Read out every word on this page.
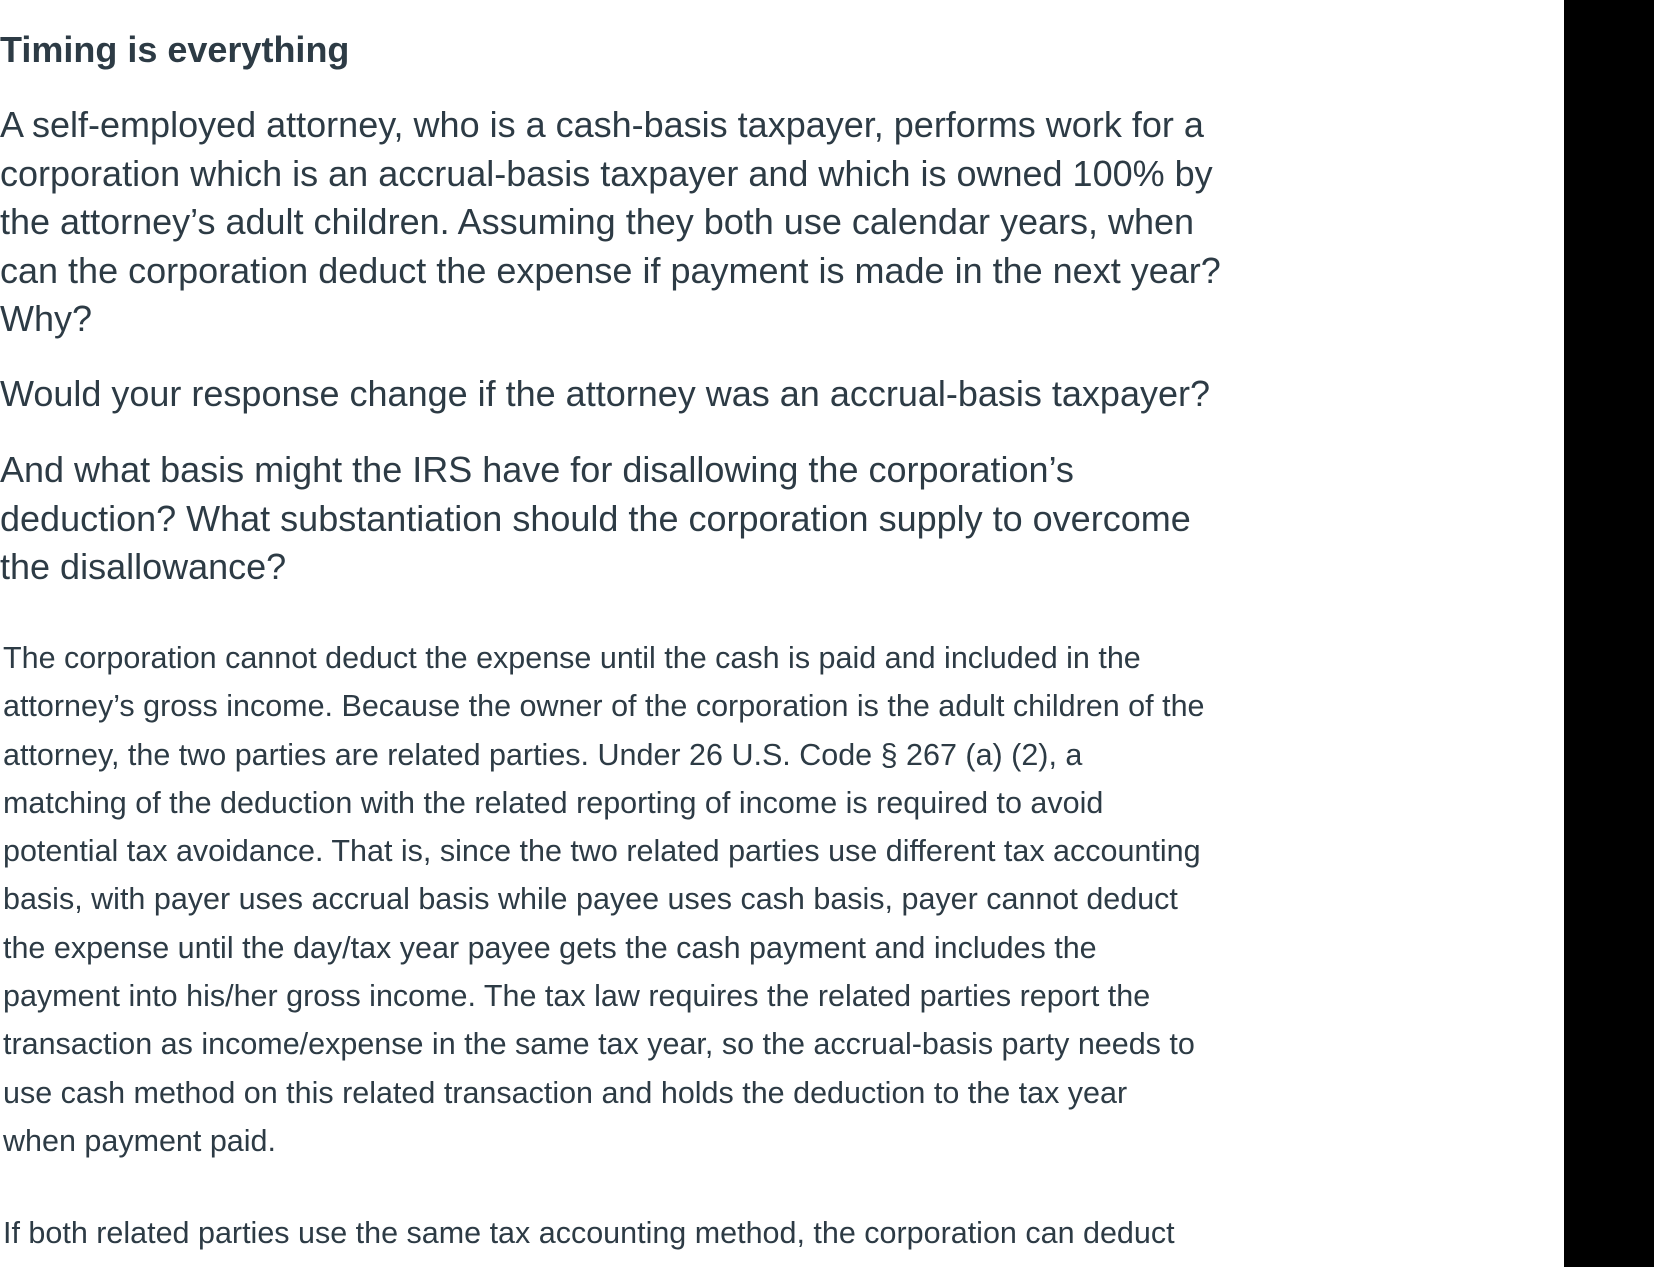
Timing is everything
A self-employed attorney, who is a cash-basis taxpayer, performs work for a
corporation which is an accrual-basis taxpayer and which is owned 100% by
the attorney’s adult children. Assuming they both use calendar years, when
can the corporation deduct the expense if payment is made in the next year?
Why?
Would your response change if the attorney was an accrual-basis taxpayer?
And what basis might the IRS have for disallowing the corporation’s
deduction? What substantiation should the corporation supply to overcome
the disallowance?
The corporation cannot deduct the expense until the cash is paid and included in the
attorney’s gross income. Because the owner of the corporation is the adult children of the
attorney, the two parties are related parties. Under 26 U.S. Code § 267 (a) (2), a
matching of the deduction with the related reporting of income is required to avoid
potential tax avoidance. That is, since the two related parties use different tax accounting
basis, with payer uses accrual basis while payee uses cash basis, payer cannot deduct
the expense until the day/tax year payee gets the cash payment and includes the
payment into his/her gross income. The tax law requires the related parties report the
transaction as income/expense in the same tax year, so the accrual-basis party needs to
use cash method on this related transaction and holds the deduction to the tax year
when payment paid.
If both related parties use the same tax accounting method, the corporation can deduct
